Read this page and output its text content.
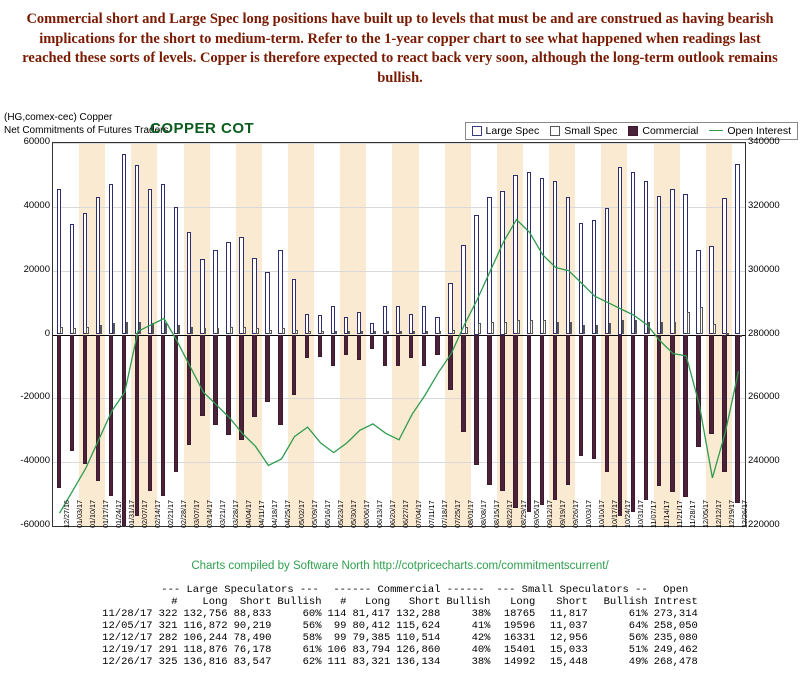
Commercial short and Large Spec long positions have built up to levels that must be and are construed as having bearish implications for the short to medium-term. Refer to the 1-year copper chart to see what happened when readings last reached these sorts of levels. Copper is therefore expected to react back very soon, although the long-term outlook remains bullish.
(HG,comex-cec) Copper
Net Commitments of Futures Traders	Large Spec Small Spec Commercial	Open Interest
COPPER COT
12/27/16 01/03/17 01/10/17 01/17/17 01/24/17 01/31/17 02/07/17 02/14/17 02/21/17 02/28/17 03/07/17 03/14/17 03/21/17 03/28/17 04/04/17 04/11/17 04/18/17 04/25/17 05/02/17 05/09/17 05/16/17 05/23/17 05/30/17 06/06/17 06/13/17 06/20/17 06/27/17 07/04/17 07/11/17 07/18/17 07/25/17 08/01/17 08/08/17 08/15/17 08/22/17 08/29/17 09/05/17 09/12/17 09/19/17 09/26/17 10/03/17 10/10/17 10/17/17 10/24/17 10/31/17 11/07/17 11/14/17 11/21/17 11/28/17 12/05/17 12/12/17 12/19/17 12/26/17
-60000
-40000
-20000
0
20000
40000
60000
220000
240000
260000
280000
300000
320000
340000
Charts compiled by Software North http://cotpricecharts.com/commitmentscurrent/
	--- Large Speculators ---				------ Commercial ------				--- Small Speculators --			Open
	#	Long	Short	Bullish	#	Long	Short	Bullish	Long	Short	Bullish	Intrest
11/28/17	322	132,756	88,833	60%	114	81,417	132,288	38%	18765	11,817	61%	273,314
12/05/17	321	116,872	90,219	56%	99	80,412	115,624	41%	19596	11,037	64%	258,050
12/12/17	282	106,244	78,490	58%	99	79,385	110,514	42%	16331	12,956	56%	235,080
12/19/17	291	118,876	76,178	61%	106	83,794	126,860	40%	15401	15,033	51%	249,462
12/26/17	325	136,816	83,547	62%	111	83,321	136,134	38%	14992	15,448	49%	268,478
